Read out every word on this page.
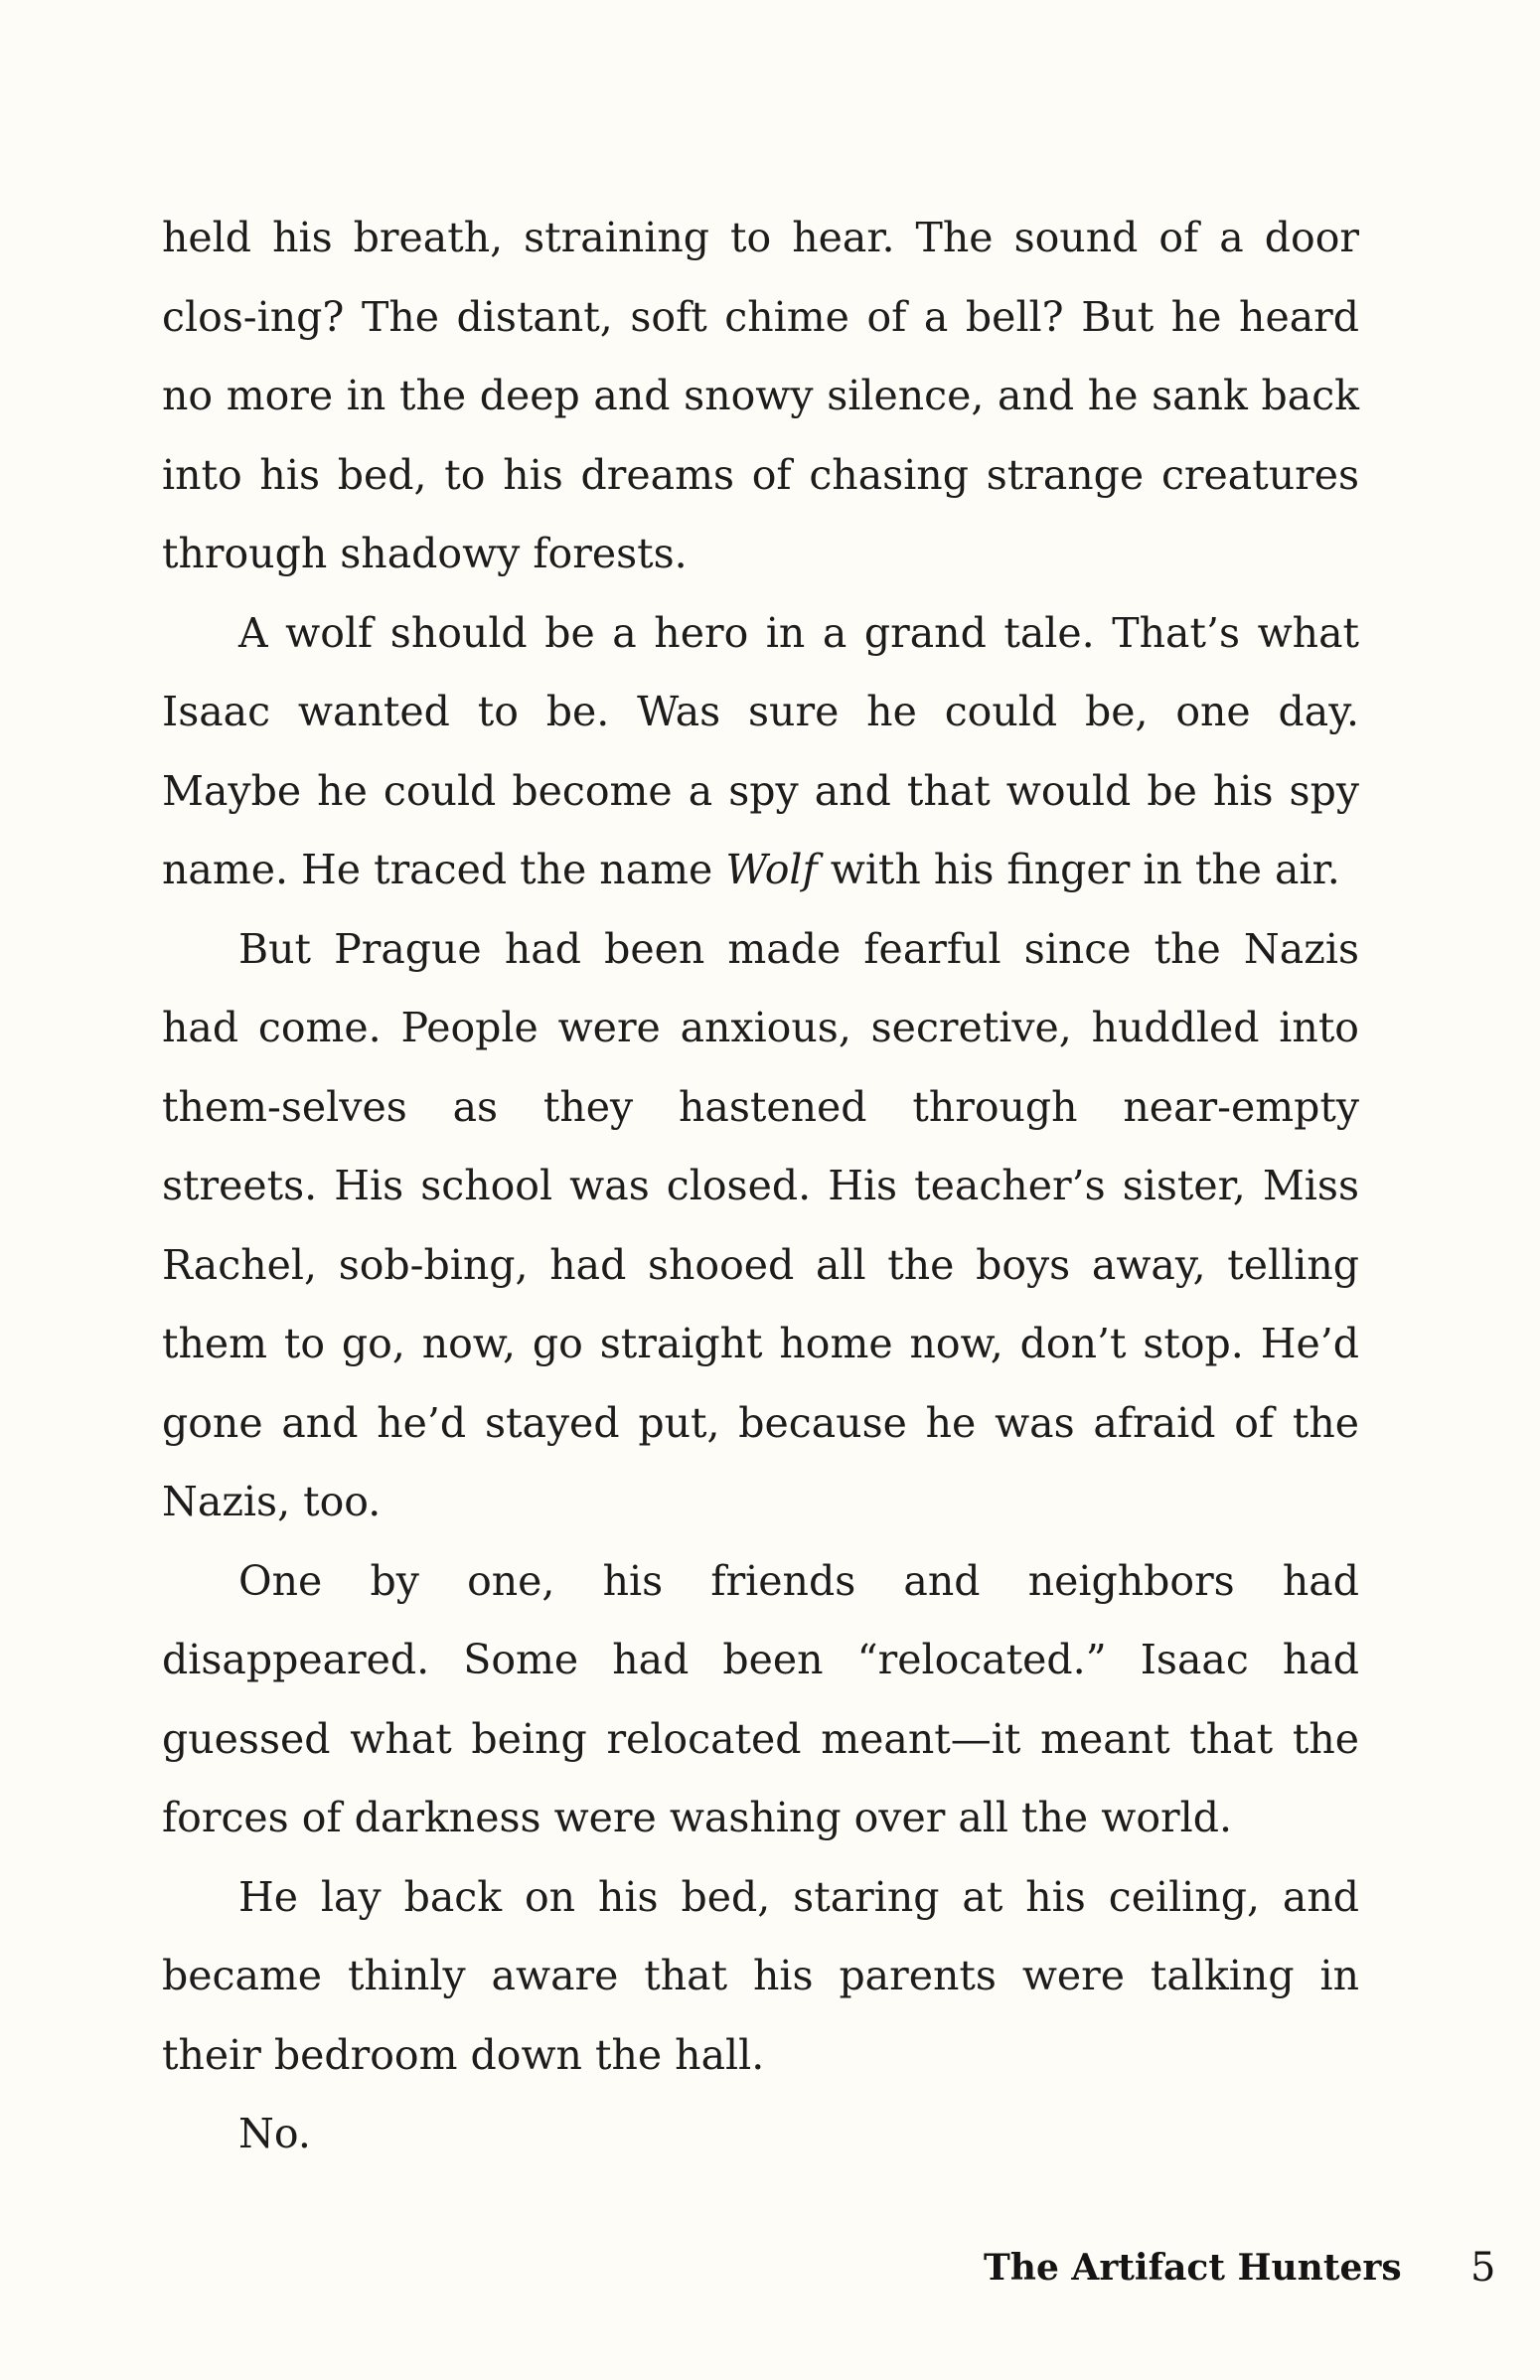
held his breath, straining to hear. The sound of a door clos-ing? The distant, soft chime of a bell? But he heard no more in the deep and snowy silence, and he sank back into his bed, to his dreams of chasing strange creatures through shadowy forests.

A wolf should be a hero in a grand tale. That’s what Isaac wanted to be. Was sure he could be, one day. Maybe he could become a spy and that would be his spy name. He traced the name Wolf with his finger in the air.

But Prague had been made fearful since the Nazis had come. People were anxious, secretive, huddled into them-selves as they hastened through near-empty streets. His school was closed. His teacher’s sister, Miss Rachel, sob-bing, had shooed all the boys away, telling them to go, now, go straight home now, don’t stop. He’d gone and he’d stayed put, because he was afraid of the Nazis, too.

One by one, his friends and neighbors had disappeared. Some had been “relocated.” Isaac had guessed what being relocated meant—it meant that the forces of darkness were washing over all the world.

He lay back on his bed, staring at his ceiling, and became thinly aware that his parents were talking in their bedroom down the hall.

No.

The Artifact Hunters 5
